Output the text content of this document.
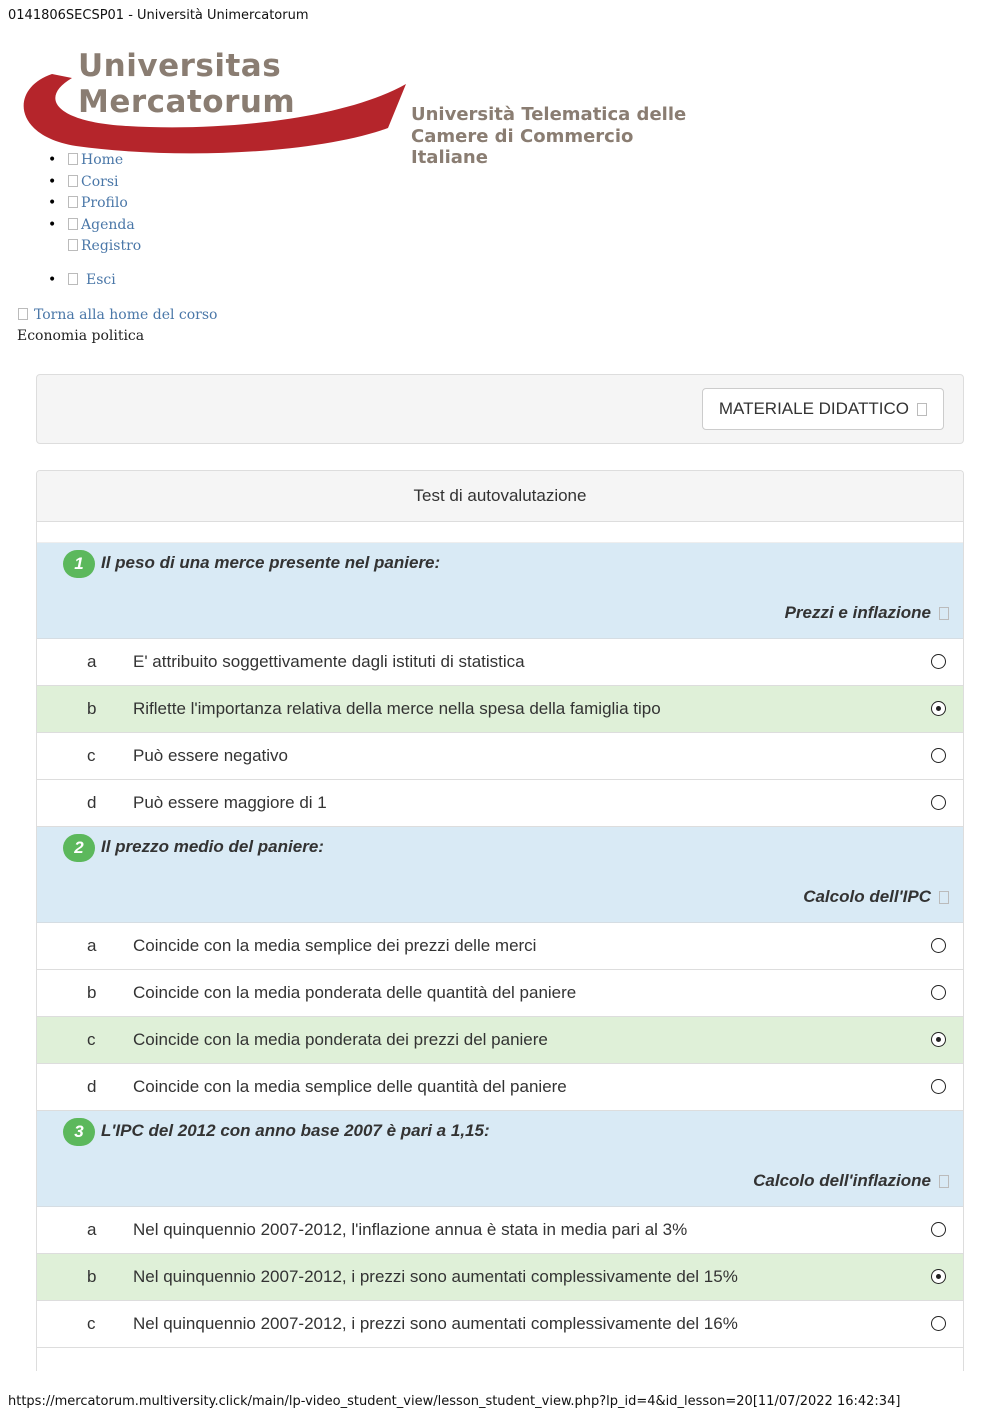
0141806SECSP01 - Università Unimercatorum
Universitas
Mercatorum	Università Telematica delle
Camere di Commercio Italiane
• Home
• Corsi
• Profilo
• Agenda
Registro
• Esci
Torna alla home del corso
Economia politica
MATERIALE DIDATTICO
Test di autovalutazione
1	Il peso di una merce presente nel paniere:
Prezzi e inflazione
a E' attribuito soggettivamente dagli istituti di statistica
b Riflette l'importanza relativa della merce nella spesa della famiglia tipo
c Può essere negativo
d Può essere maggiore di 1
2	Il prezzo medio del paniere:
Calcolo dell'IPC
a Coincide con la media semplice dei prezzi delle merci
b Coincide con la media ponderata delle quantità del paniere
c Coincide con la media ponderata dei prezzi del paniere
d Coincide con la media semplice delle quantità del paniere
3	L'IPC del 2012 con anno base 2007 è pari a 1,15:
Calcolo dell'inflazione
a Nel quinquennio 2007-2012, l'inflazione annua è stata in media pari al 3%
b Nel quinquennio 2007-2012, i prezzi sono aumentati complessivamente del 15%
c Nel quinquennio 2007-2012, i prezzi sono aumentati complessivamente del 16%
https://mercatorum.multiversity.click/main/lp-video_student_view/lesson_student_view.php?lp_id=4&id_lesson=20[11/07/2022 16:42:34]
